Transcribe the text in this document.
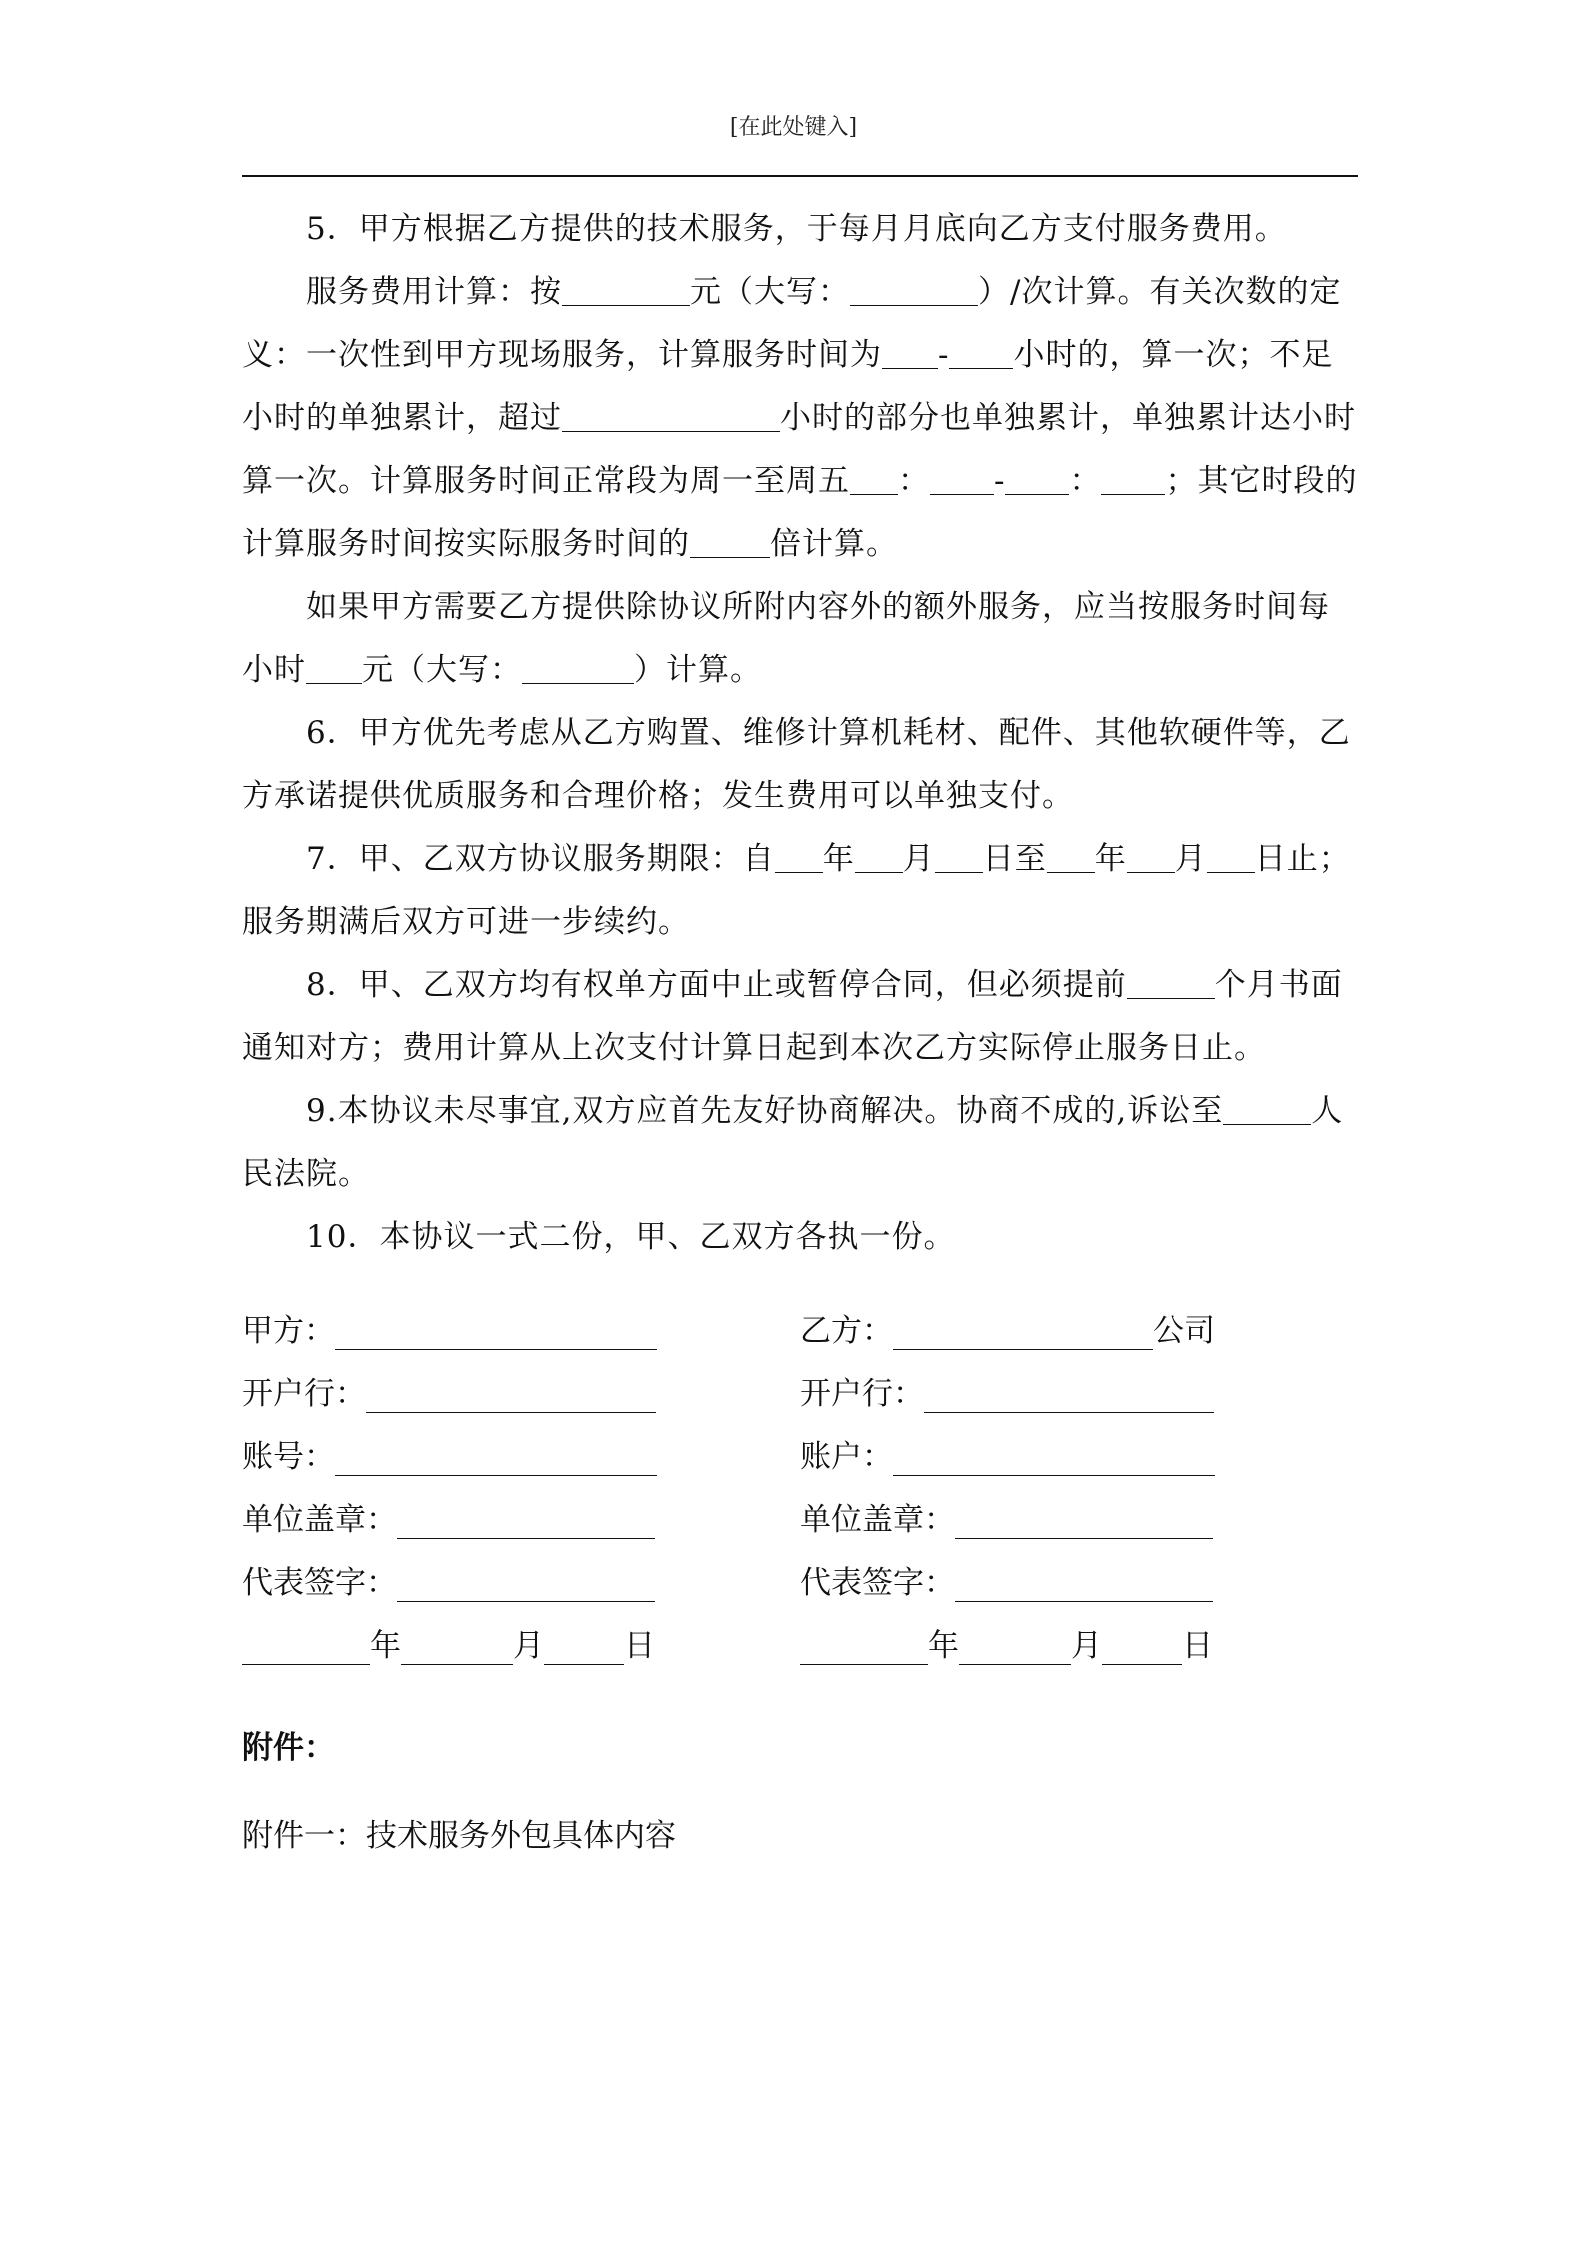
[在此处键入]

5．甲方根据乙方提供的技术服务，于每月月底向乙方支付服务费用。

服务费用计算：按	元（大写：	）/次计算。有关次数的定义：一次性到甲方现场服务，计算服务时间为 - 小时的，算一次；不足小时的单独累计，超过	小时的部分也单独累计，单独累计达小时算一次。计算服务时间正常段为周一至周五 ： - ： ；其它时段的计算服务时间按实际服务时间的	倍计算。

如果甲方需要乙方提供除协议所附内容外的额外服务，应当按服务时间每小时 元（大写：	）计算。

6．甲方优先考虑从乙方购置、维修计算机耗材、配件、其他软硬件等，乙方承诺提供优质服务和合理价格；发生费用可以单独支付。

7．甲、乙双方协议服务期限：自 年 月 日至 年 月 日止；服务期满后双方可进一步续约。

8．甲、乙双方均有权单方面中止或暂停合同，但必须提前	个月书面通知对方；费用计算从上次支付计算日起到本次乙方实际停止服务日止。

9.本协议未尽事宜,双方应首先友好协商解决。协商不成的,诉讼至	人民法院。

10．本协议一式二份，甲、乙双方各执一份。

甲方：	乙方：	公司
开户行：	开户行：
账号：	账户：
单位盖章：	单位盖章：
代表签字：	代表签字：
年	月	日	年	月	日
附件：
附件一：技术服务外包具体内容
